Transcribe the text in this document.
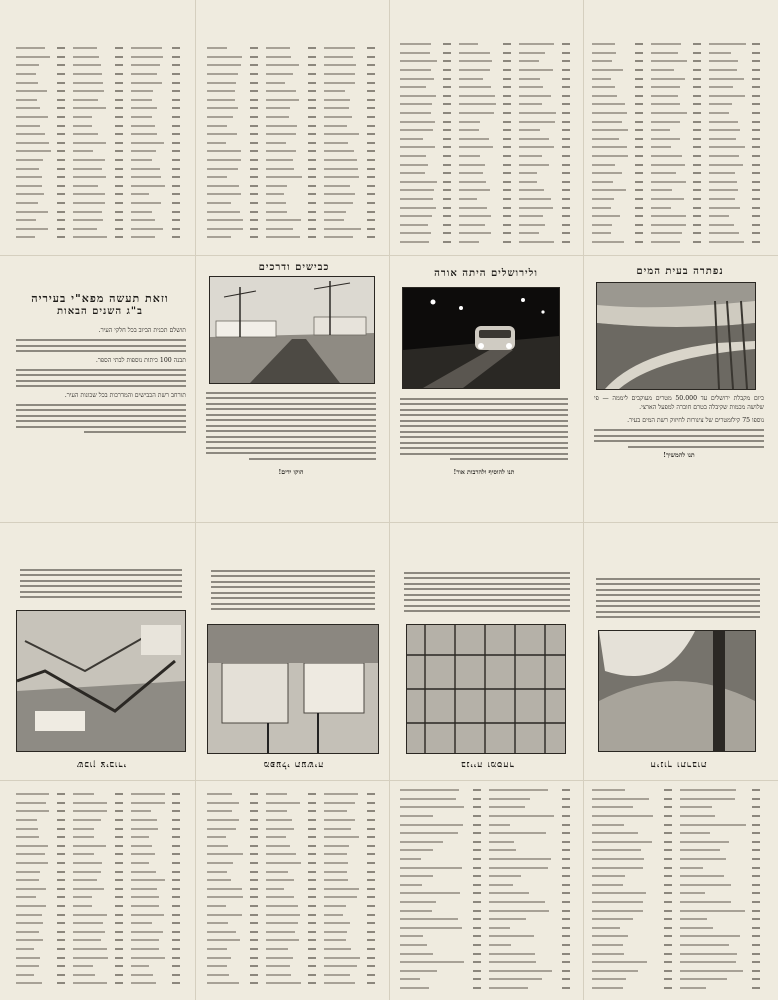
נפתרה בעית המים

כיום מקבלת ירושלים עד 50.000 מטרים מעוקבים ליממה — פי שלושה מכמות שקיבלה בטרם חוברה למפעל הארצי.

נוספו 75 קילומטרים של צינורות לחיזוק רשת המים בעיר.

תנו להמשיך!

ולירושלים היתה אורה

תנו להוסיף ולהרבות אור!

כבישים ודרכים

הוקו ידים!

וזאת תעשה מפא"י בעיריה
ב"ג השנים הבאות

תושלם תכנית הביוב בכל חלקי העיר.

תבנה 100 כיתות נוספות לבתי הספר.

תורחב רשת הכבישים והמדרכות בכל שכונות העיר.

שכון ציבורי	מפעלי תעשיה	בנייה ומסחר	חינוך ותרבות
